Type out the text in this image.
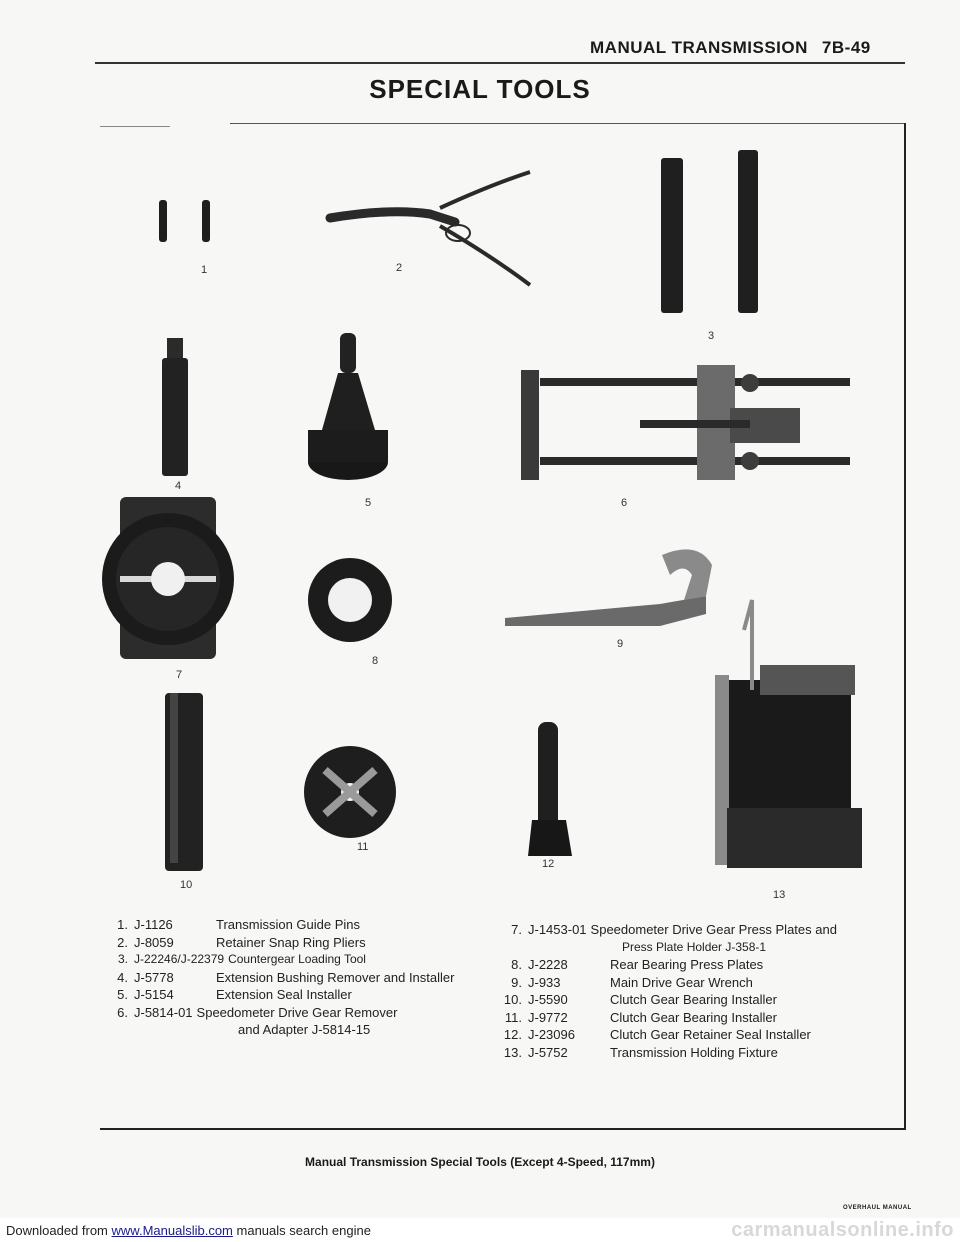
MANUAL TRANSMISSION 7B-49
SPECIAL TOOLS
1	2
3
4
5	6
7
8
9
10
11
12
13
1. J-1126	Transmission Guide Pins
2. J-8059	Retainer Snap Ring Pliers
3. J-22246/J-22379 Countergear Loading Tool
4. J-5778	Extension Bushing Remover and Installer
5. J-5154	Extension Seal Installer
6. J-5814-01 Speedometer Drive Gear Remover
and Adapter J-5814-15
7. J-1453-01 Speedometer Drive Gear Press Plates and
Press Plate Holder J-358-1
8. J-2228	Rear Bearing Press Plates
9. J-933	Main Drive Gear Wrench
10. J-5590	Clutch Gear Bearing Installer
11. J-9772	Clutch Gear Bearing Installer
12. J-23096	Clutch Gear Retainer Seal Installer
13. J-5752	Transmission Holding Fixture
Manual Transmission Special Tools (Except 4-Speed, 117mm)
OVERHAUL MANUAL
Downloaded from www.Manualslib.com manuals search engine	carmanualsonline.info
